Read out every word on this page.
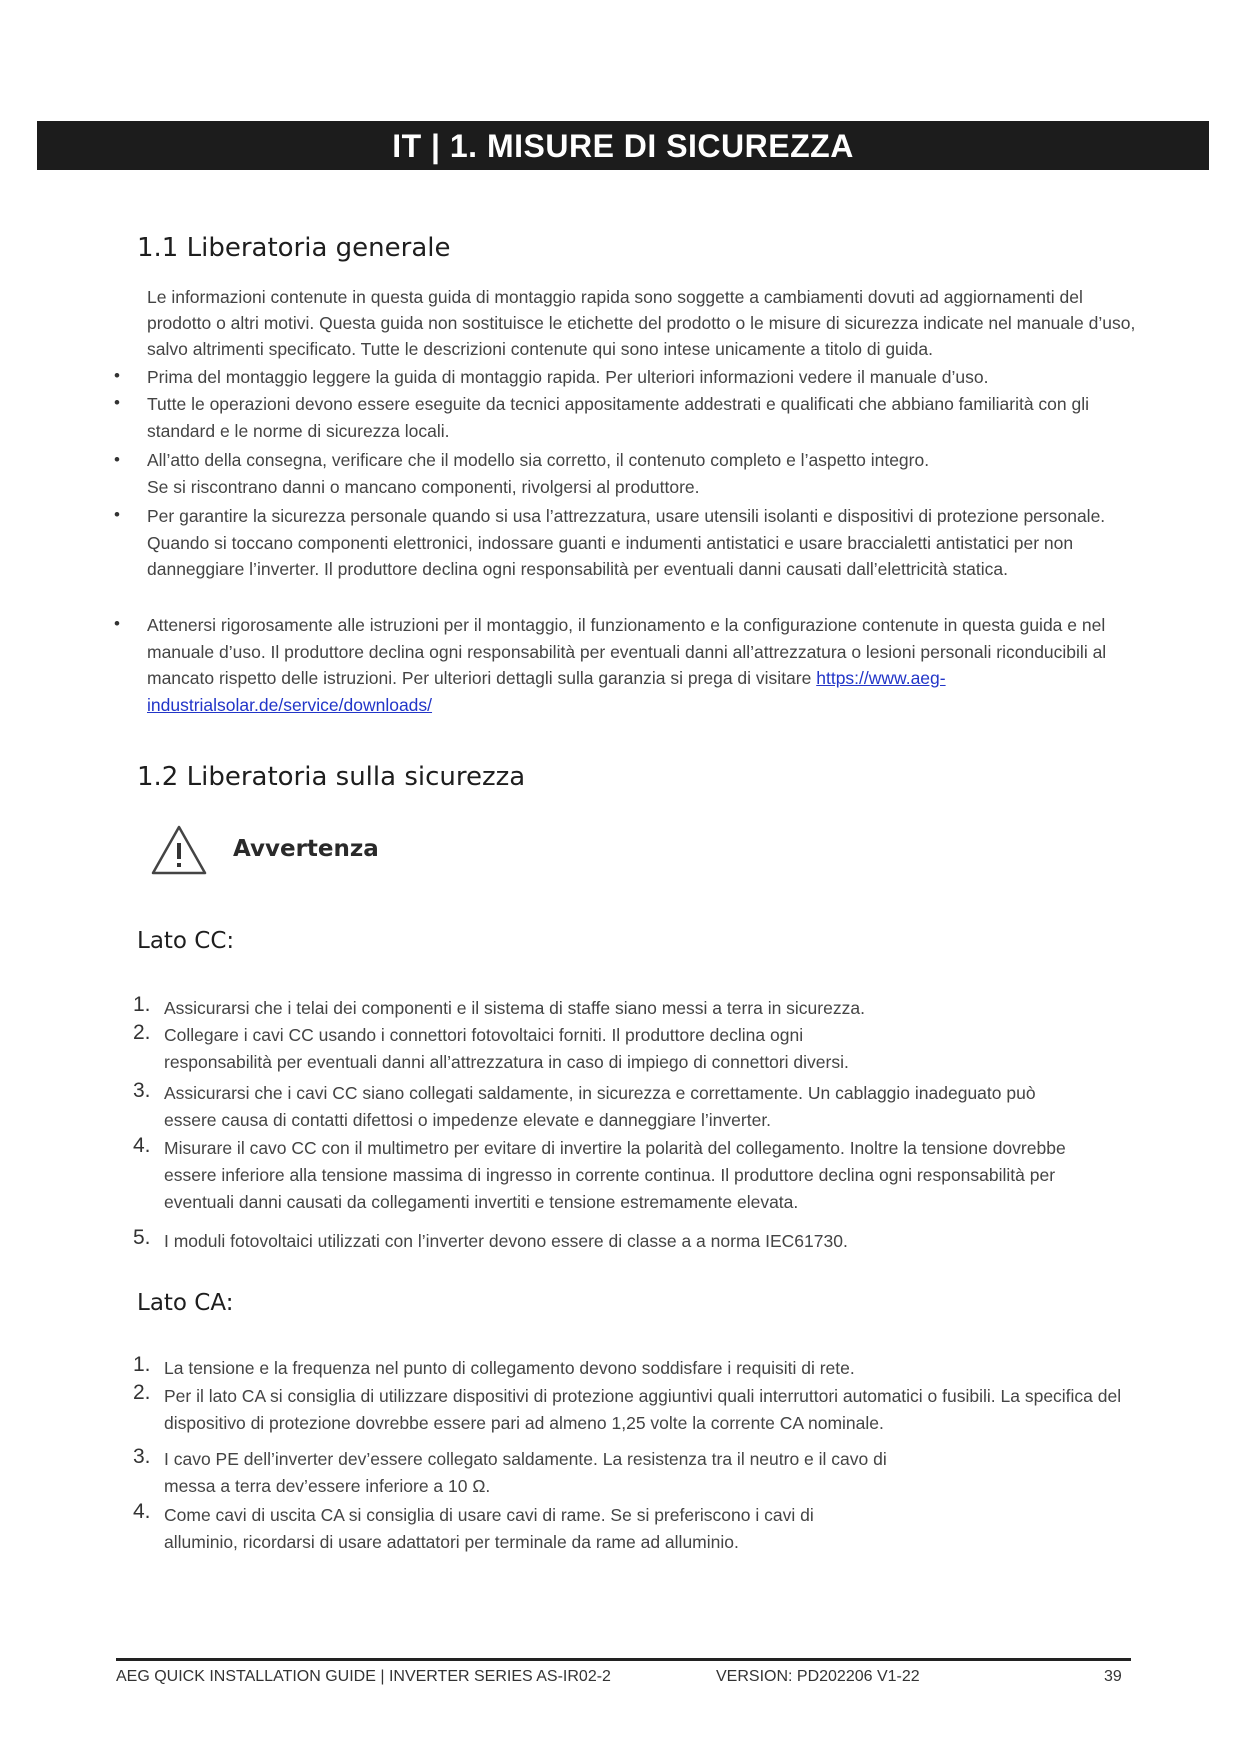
IT | 1. MISURE DI SICUREZZA
1.1 Liberatoria generale
Le informazioni contenute in questa guida di montaggio rapida sono soggette a cambiamenti dovuti ad aggiornamenti del prodotto o altri motivi. Questa guida non sostituisce le etichette del prodotto o le misure di sicurezza indicate nel manuale d’uso, salvo altrimenti specificato. Tutte le descrizioni contenute qui sono intese unicamente a titolo di guida.
• Prima del montaggio leggere la guida di montaggio rapida. Per ulteriori informazioni vedere il manuale d’uso.
• Tutte le operazioni devono essere eseguite da tecnici appositamente addestrati e qualificati che abbiano familiarità con gli standard e le norme di sicurezza locali.
• All’atto della consegna, verificare che il modello sia corretto, il contenuto completo e l’aspetto integro. Se si riscontrano danni o mancano componenti, rivolgersi al produttore.
• Per garantire la sicurezza personale quando si usa l’attrezzatura, usare utensili isolanti e dispositivi di protezione personale. Quando si toccano componenti elettronici, indossare guanti e indumenti antistatici e usare braccialetti antistatici per non danneggiare l’inverter. Il produttore declina ogni responsabilità per eventuali danni causati dall’elettricità statica.
• Attenersi rigorosamente alle istruzioni per il montaggio, il funzionamento e la configurazione contenute in questa guida e nel manuale d’uso. Il produttore declina ogni responsabilità per eventuali danni all’attrezzatura o lesioni personali riconducibili al mancato rispetto delle istruzioni. Per ulteriori dettagli sulla garanzia si prega di visitare https://www.aeg-industrialsolar.de/service/downloads/
1.2 Liberatoria sulla sicurezza
Avvertenza
Lato CC:
1. Assicurarsi che i telai dei componenti e il sistema di staffe siano messi a terra in sicurezza.
2. Collegare i cavi CC usando i connettori fotovoltaici forniti. Il produttore declina ogni responsabilità per eventuali danni all’attrezzatura in caso di impiego di connettori diversi.
3. Assicurarsi che i cavi CC siano collegati saldamente, in sicurezza e correttamente. Un cablaggio inadeguato può essere causa di contatti difettosi o impedenze elevate e danneggiare l’inverter.
4. Misurare il cavo CC con il multimetro per evitare di invertire la polarità del collegamento. Inoltre la tensione dovrebbe essere inferiore alla tensione massima di ingresso in corrente continua. Il produttore declina ogni responsabilità per eventuali danni causati da collegamenti invertiti e tensione estremamente elevata.
5. I moduli fotovoltaici utilizzati con l’inverter devono essere di classe a a norma IEC61730.
Lato CA:
1. La tensione e la frequenza nel punto di collegamento devono soddisfare i requisiti di rete.
2. Per il lato CA si consiglia di utilizzare dispositivi di protezione aggiuntivi quali interruttori automatici o fusibili. La specifica del dispositivo di protezione dovrebbe essere pari ad almeno 1,25 volte la corrente CA nominale.
3. I cavo PE dell’inverter dev’essere collegato saldamente. La resistenza tra il neutro e il cavo di messa a terra dev’essere inferiore a 10 Ω.
4. Come cavi di uscita CA si consiglia di usare cavi di rame. Se si preferiscono i cavi di alluminio, ricordarsi di usare adattatori per terminale da rame ad alluminio.
AEG QUICK INSTALLATION GUIDE | INVERTER SERIES AS-IR02-2	VERSION: PD202206 V1-22	39
